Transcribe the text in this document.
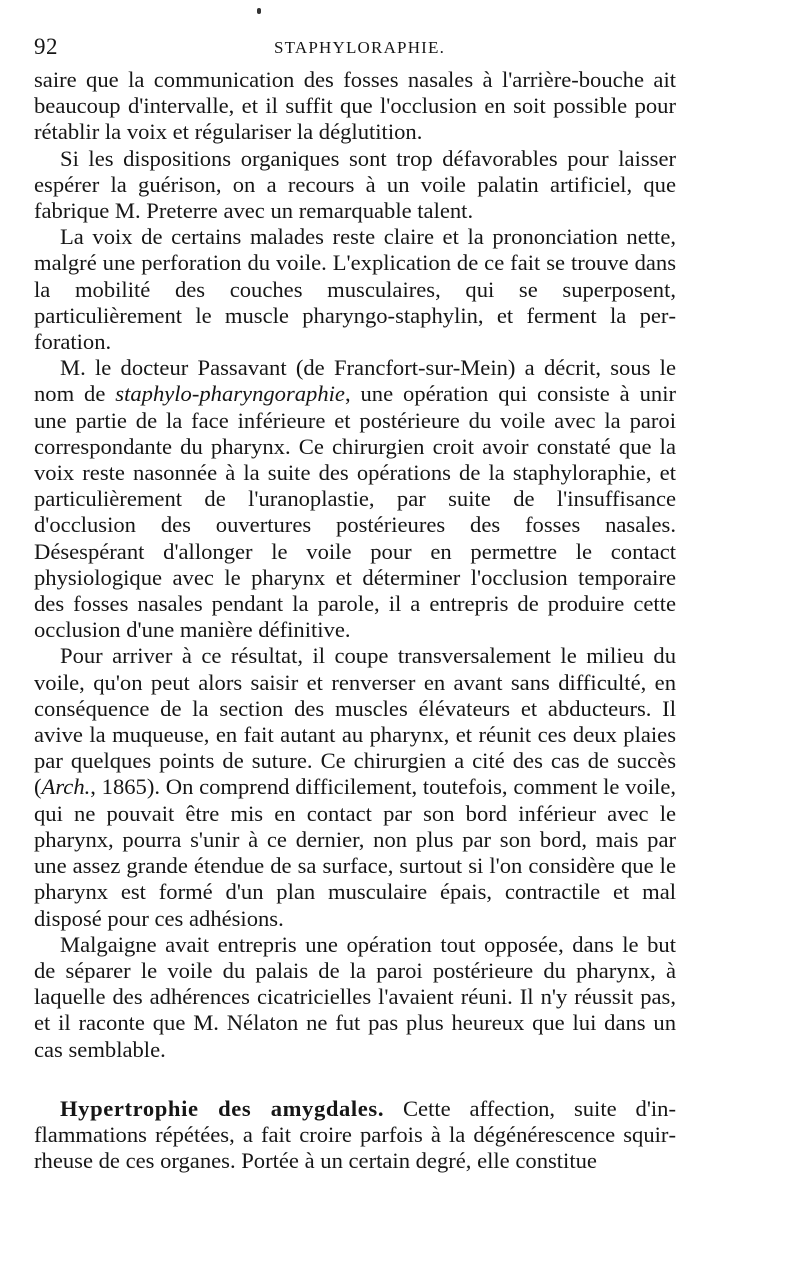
92	STAPHYLORAPHIE.

saire que la communication des fosses nasales à l'arrière-bouche ait beaucoup d'intervalle, et il suffit que l'occlusion en soit possible pour rétablir la voix et régulariser la déglutition.

Si les dispositions organiques sont trop défavorables pour laisser espérer la guérison, on a recours à un voile palatin artificiel, que fabrique M. Preterre avec un remarquable talent.

La voix de certains malades reste claire et la prononciation nette, malgré une perforation du voile. L'explication de ce fait se trouve dans la mobilité des couches musculaires, qui se superposent, particulièrement le muscle pharyngo-staphylin, et ferment la perforation.

M. le docteur Passavant (de Francfort-sur-Mein) a décrit, sous le nom de staphylo-pharyngoraphie, une opération qui consiste à unir une partie de la face inférieure et postérieure du voile avec la paroi correspondante du pharynx. Ce chirurgien croit avoir constaté que la voix reste nasonnée à la suite des opérations de la staphyloraphie, et particulièrement de l'uranoplastie, par suite de l'insuffisance d'occlusion des ouvertures postérieures des fosses nasales. Désespérant d'allonger le voile pour en permettre le contact physiologique avec le pharynx et déterminer l'occlusion temporaire des fosses nasales pendant la parole, il a entrepris de produire cette occlusion d'une manière définitive.

Pour arriver à ce résultat, il coupe transversalement le milieu du voile, qu'on peut alors saisir et renverser en avant sans difficulté, en conséquence de la section des muscles élévateurs et abducteurs. Il avive la muqueuse, en fait autant au pharynx, et réunit ces deux plaies par quelques points de suture. Ce chirurgien a cité des cas de succès (Arch., 1865). On comprend difficilement, toutefois, comment le voile, qui ne pouvait être mis en contact par son bord inférieur avec le pharynx, pourra s'unir à ce dernier, non plus par son bord, mais par une assez grande étendue de sa surface, surtout si l'on considère que le pharynx est formé d'un plan musculaire épais, contractile et mal disposé pour ces adhésions.

Malgaigne avait entrepris une opération tout opposée, dans le but de séparer le voile du palais de la paroi postérieure du pharynx, à laquelle des adhérences cicatricielles l'avaient réuni. Il n'y réussit pas, et il raconte que M. Nélaton ne fut pas plus heureux que lui dans un cas semblable.

Hypertrophie des amygdales. Cette affection, suite d'inflammations répétées, a fait croire parfois à la dégénérescence squirrheuse de ces organes. Portée à un certain degré, elle constitue
